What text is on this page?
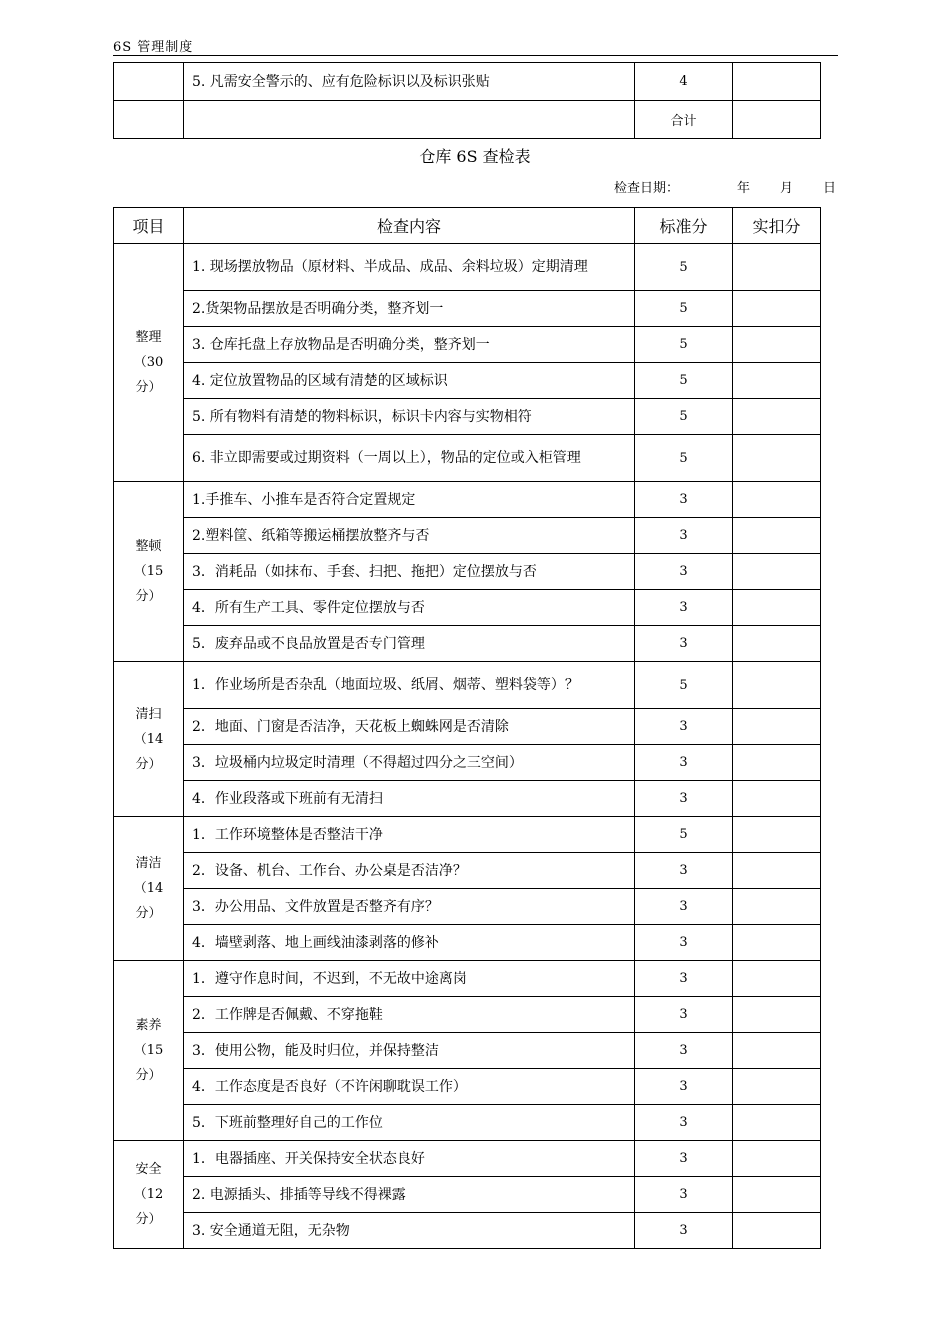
6S 管理制度
	5. 凡需安全警示的、应有危险标识以及标识张贴	4	
		合计	
仓库 6S 查检表
检查日期：	年 月 日
项目	检查内容	标准分	实扣分

整理
（30
分）	1. 现场摆放物品（原材料、半成品、成品、余料垃圾）定期清理	5	
	2.货架物品摆放是否明确分类，整齐划一	5	
	3. 仓库托盘上存放物品是否明确分类，整齐划一	5	
	4. 定位放置物品的区域有清楚的区域标识	5	
	5. 所有物料有清楚的物料标识，标识卡内容与实物相符	5	
	6. 非立即需要或过期资料（一周以上），物品的定位或入柜管理	5	

整顿
（15
分）	1.手推车、小推车是否符合定置规定	3	
	2.塑料筐、纸箱等搬运桶摆放整齐与否	3	
	3．消耗品（如抹布、手套、扫把、拖把）定位摆放与否	3	
	4．所有生产工具、零件定位摆放与否	3	
	5．废弃品或不良品放置是否专门管理	3	

清扫
（14
分）	1．作业场所是否杂乱（地面垃圾、纸屑、烟蒂、塑料袋等）？	5	
	2．地面、门窗是否洁净，天花板上蜘蛛网是否清除	3	
	3．垃圾桶内垃圾定时清理（不得超过四分之三空间）	3	
	4．作业段落或下班前有无清扫	3	

清洁
（14
分）	1．工作环境整体是否整洁干净	5	
	2．设备、机台、工作台、办公桌是否洁净？	3	
	3．办公用品、文件放置是否整齐有序？	3	
	4．墙壁剥落、地上画线油漆剥落的修补	3	

素养
（15
分）	1．遵守作息时间，不迟到，不无故中途离岗	3	
	2．工作牌是否佩戴、不穿拖鞋	3	
	3．使用公物，能及时归位，并保持整洁	3	
	4．工作态度是否良好（不许闲聊耽误工作）	3	
	5．下班前整理好自己的工作位	3	

安全
（12
分）	1．电器插座、开关保持安全状态良好	3	
	2. 电源插头、排插等导线不得裸露	3	
	3. 安全通道无阻，无杂物	3	
